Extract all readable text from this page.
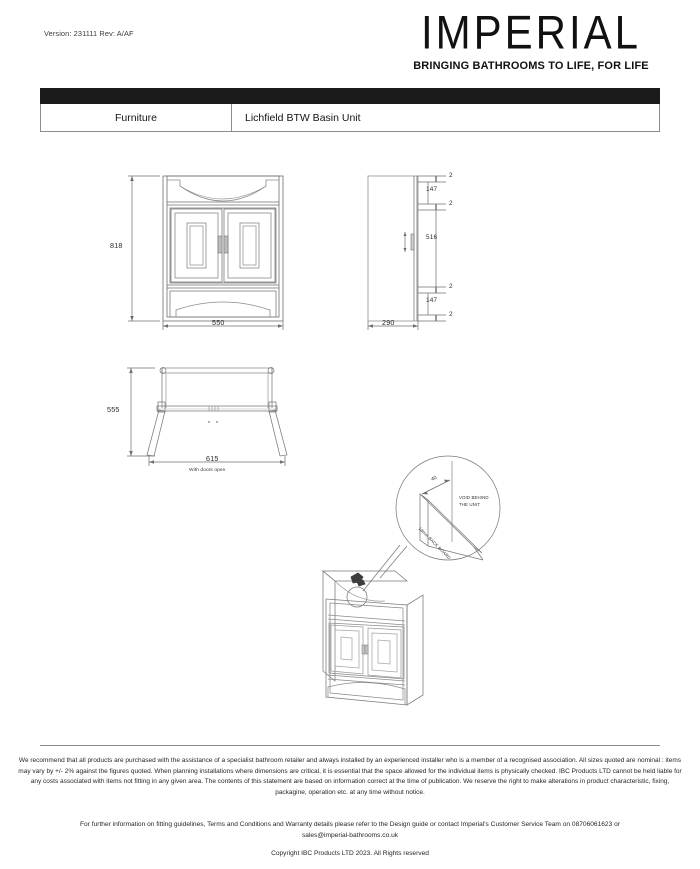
Version: 231111 Rev: A/AF	IMPERIAL
BRINGING BATHROOMS TO LIFE, FOR LIFE
Furniture	Lichfield BTW Basin Unit
818
550
2
147
2
516
2
147
2
290
555
615
With doors open
40
VOID BEHIND
THE UNIT
18mm BACK BOARD
We recommend that all products are purchased with the assistance of a specialist bathroom retailer and always installed by an experienced installer who is a member of a recognised association. All sizes quoted are nominal : items may vary by +/- 2% against the figures quoted. When planning installations where dimensions are critical, it is essential that the space allowed for the individual items is physically checked. IBC Products LTD cannot be held liable for any costs associated with items not fitting in any given area. The contents of this statement are based on information correct at the time of publication. We reserve the right to make alterations in product characteristic, fixing, packagine, operation etc. at any time without notice.
For further information on fitting guidelines, Terms and Conditions and Warranty details please refer to the Design guide or contact Imperial's Customer Service Team on 08706061623 or sales@imperial-bathrooms.co.uk
Copyright IBC Products LTD 2023. All Rights reserved
